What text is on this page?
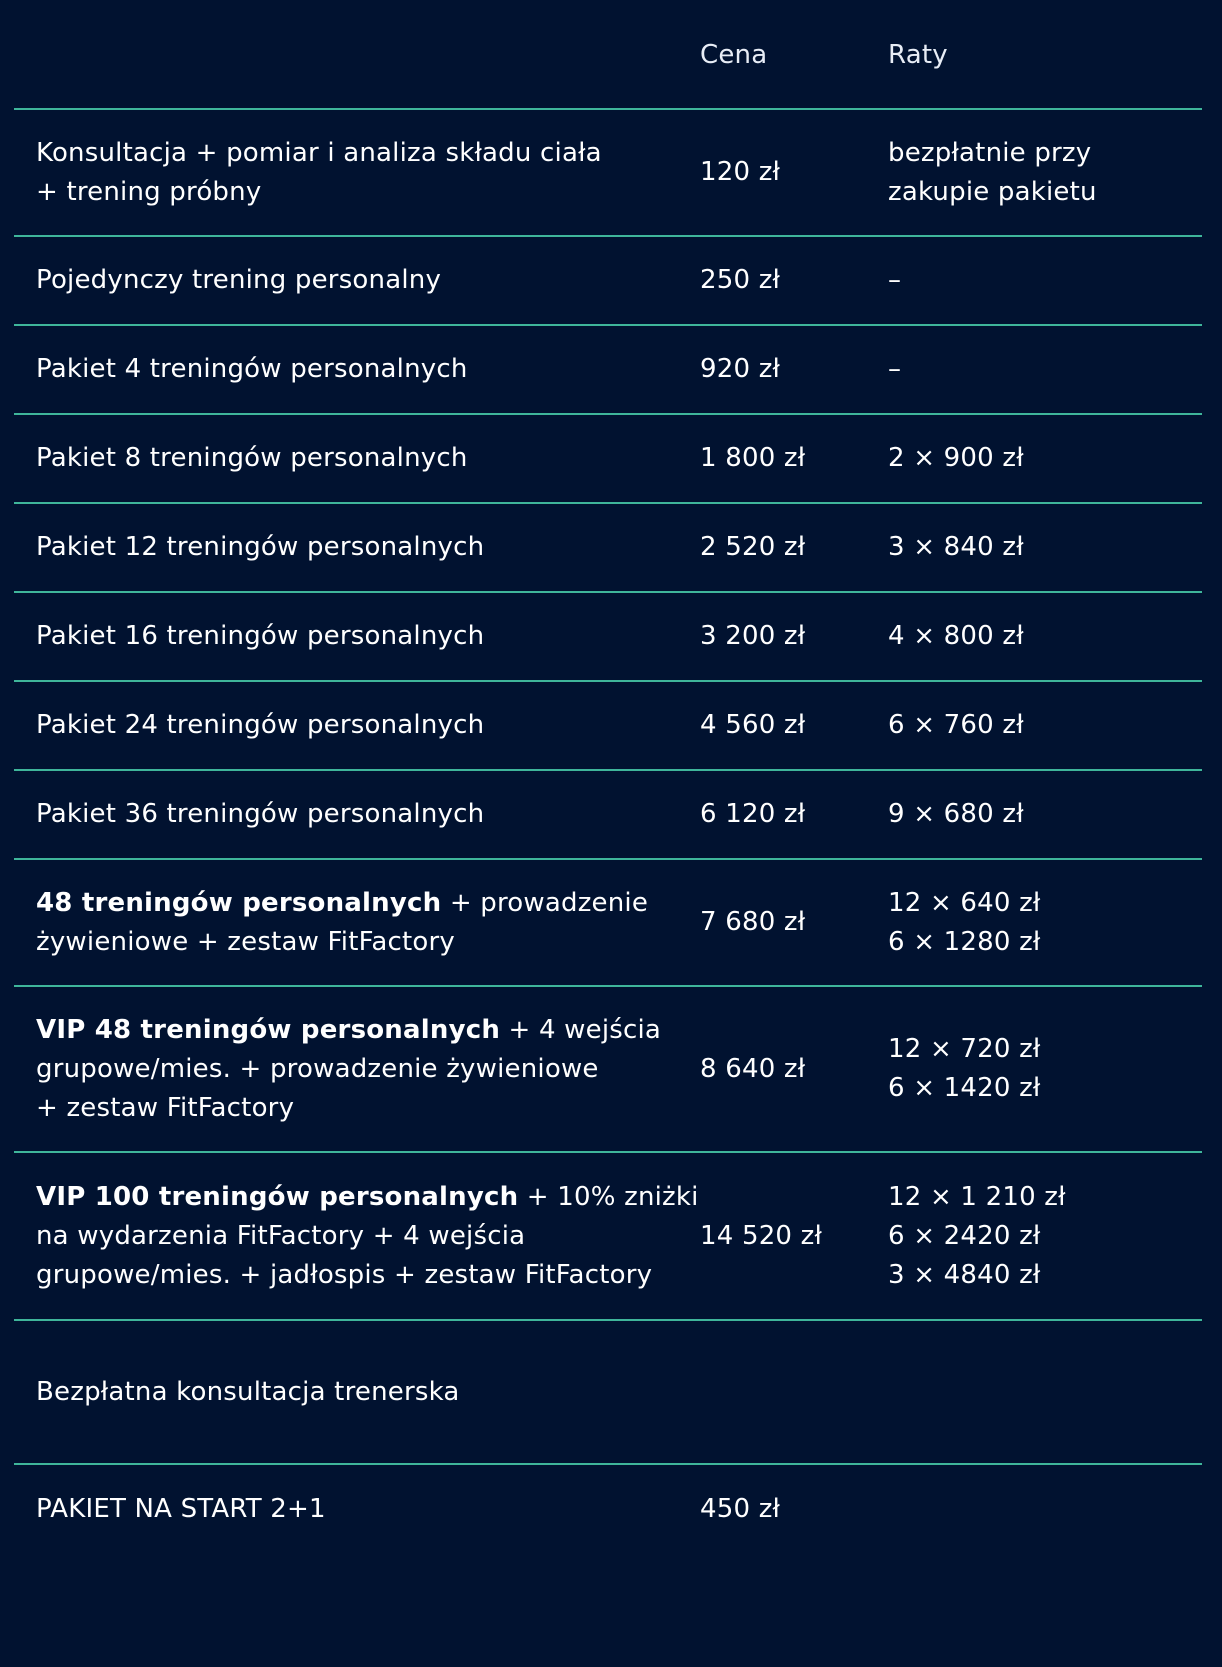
	Cena	Raty

Konsultacja + pomiar i analiza składu ciała
+ trening próbny	120 zł	bezpłatnie przy
zakupie pakietu

Pojedynczy trening personalny	250 zł	–
Pakiet 4 treningów personalnych	920 zł	–
Pakiet 8 treningów personalnych	1 800 zł	2 × 900 zł
Pakiet 12 treningów personalnych	2 520 zł	3 × 840 zł
Pakiet 16 treningów personalnych	3 200 zł	4 × 800 zł
Pakiet 24 treningów personalnych	4 560 zł	6 × 760 zł
Pakiet 36 treningów personalnych	6 120 zł	9 × 680 zł

48 treningów personalnych + prowadzenie
żywieniowe + zestaw FitFactory	7 680 zł	12 × 640 zł
6 × 1280 zł

VIP 48 treningów personalnych + 4 wejścia
grupowe/mies. + prowadzenie żywieniowe
+ zestaw FitFactory	8 640 zł	12 × 720 zł
6 × 1420 zł

VIP 100 treningów personalnych + 10% zniżki
na wydarzenia FitFactory + 4 wejścia
grupowe/mies. + jadłospis + zestaw FitFactory	14 520 zł	12 × 1 210 zł
6 × 2420 zł
3 × 4840 zł

Bezpłatna konsultacja trenerska		
PAKIET NA START 2+1	450 zł	
